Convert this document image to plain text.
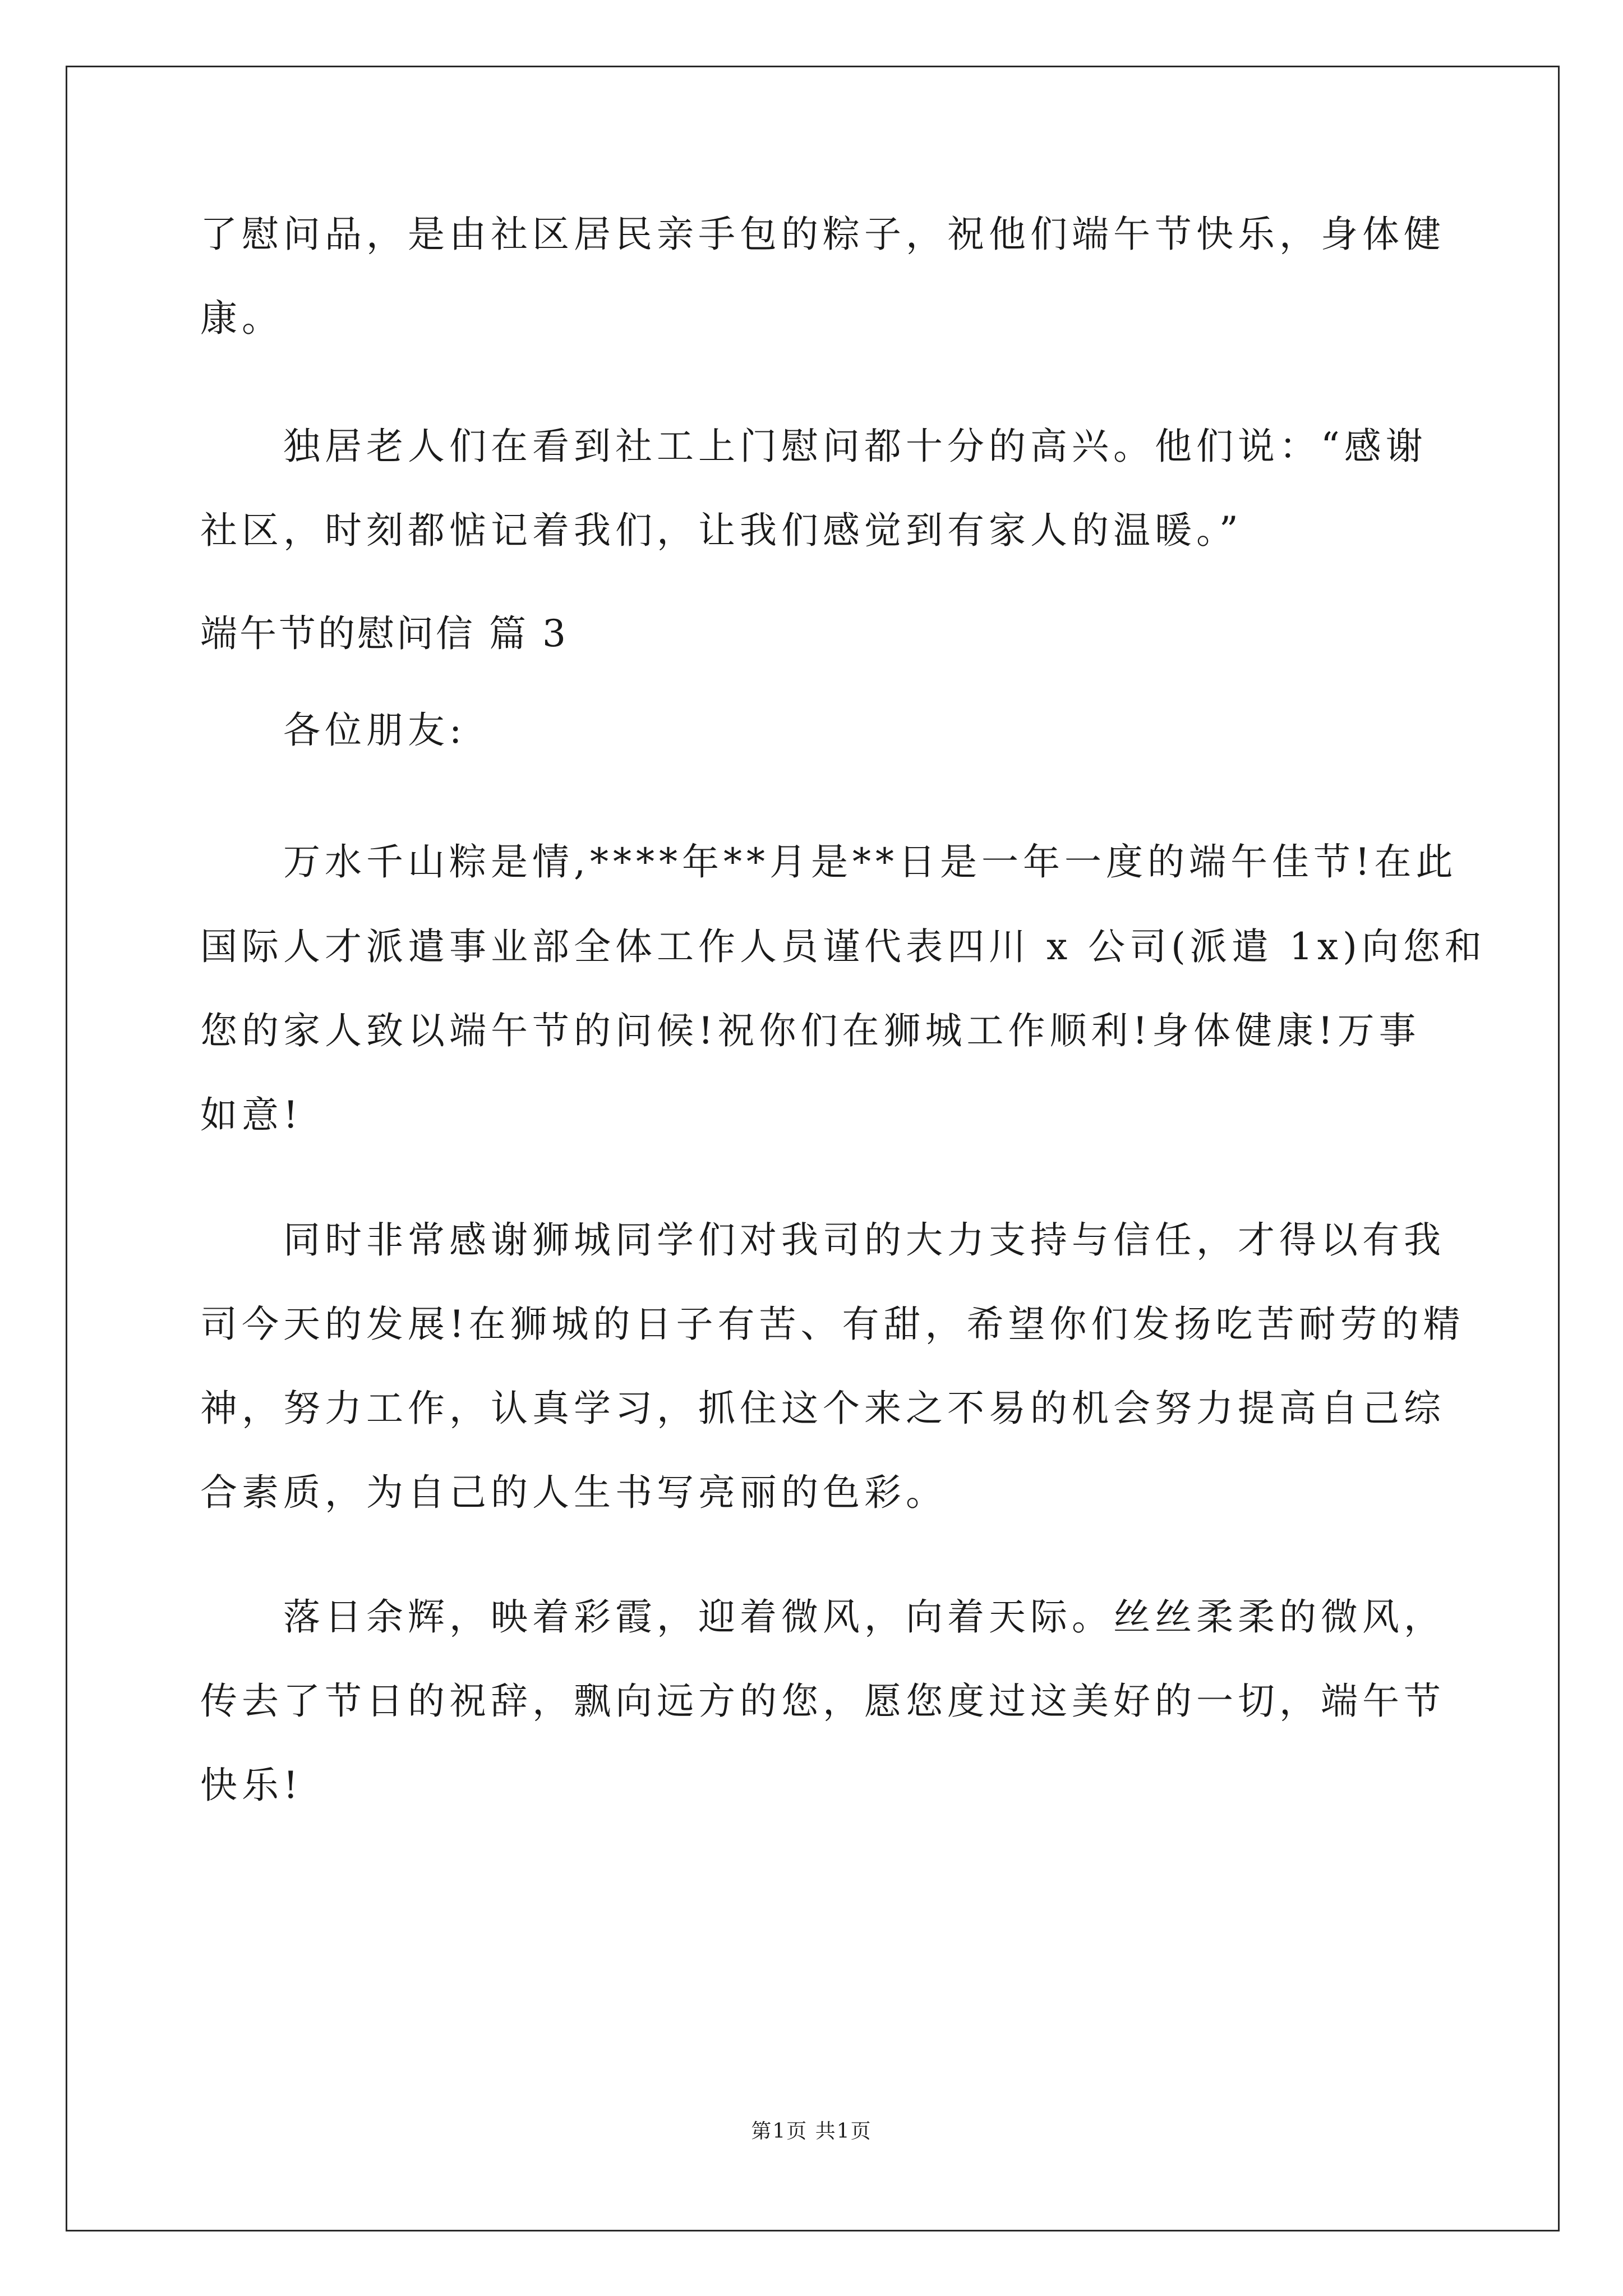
了慰问品，是由社区居民亲手包的粽子，祝他们端午节快乐，身体健
康。
独居老人们在看到社工上门慰问都十分的高兴。他们说：“感谢
社区，时刻都惦记着我们，让我们感觉到有家人的温暖。”
端午节的慰问信 篇 3
各位朋友:
万水千山粽是情,****年**月是**日是一年一度的端午佳节!在此
国际人才派遣事业部全体工作人员谨代表四川 x 公司(派遣 1x)向您和
您的家人致以端午节的问候!祝你们在狮城工作顺利!身体健康!万事
如意!
同时非常感谢狮城同学们对我司的大力支持与信任，才得以有我
司今天的发展!在狮城的日子有苦、有甜，希望你们发扬吃苦耐劳的精
神，努力工作，认真学习，抓住这个来之不易的机会努力提高自己综
合素质，为自己的人生书写亮丽的色彩。
落日余辉，映着彩霞，迎着微风，向着天际。丝丝柔柔的微风，
传去了节日的祝辞，飘向远方的您，愿您度过这美好的一切，端午节
快乐!
第1页 共1页
